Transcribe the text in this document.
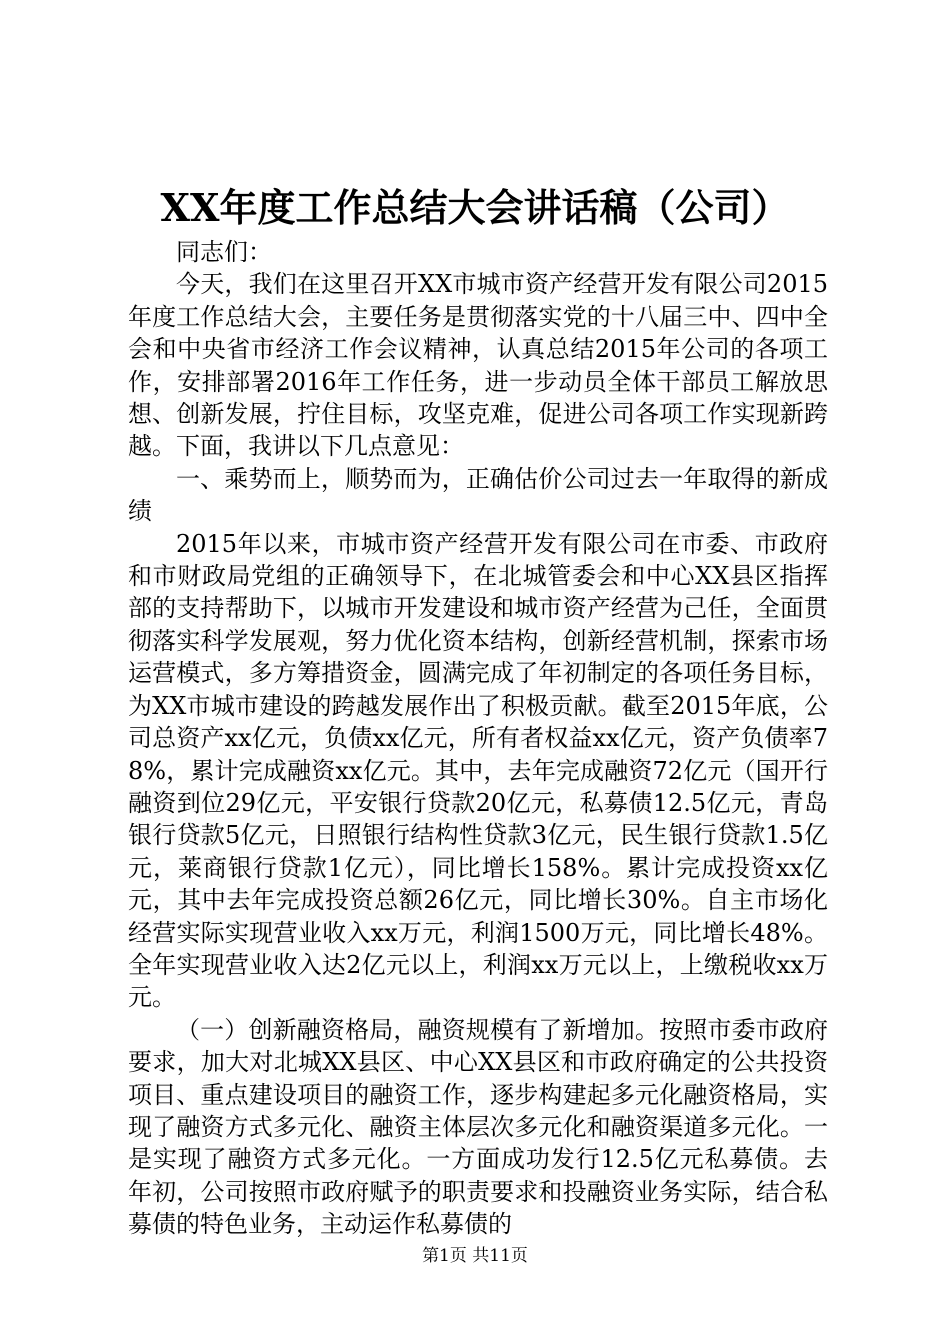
XX年度工作总结大会讲话稿（公司）

同志们：

今天，我们在这里召开XX市城市资产经营开发有限公司2015年度工作总结大会，主要任务是贯彻落实党的十八届三中、四中全会和中央省市经济工作会议精神，认真总结2015年公司的各项工作，安排部署2016年工作任务，进一步动员全体干部员工解放思想、创新发展，拧住目标，攻坚克难，促进公司各项工作实现新跨越。下面，我讲以下几点意见：

一、乘势而上，顺势而为，正确估价公司过去一年取得的新成绩

2015年以来，市城市资产经营开发有限公司在市委、市政府和市财政局党组的正确领导下，在北城管委会和中心XX县区指挥部的支持帮助下，以城市开发建设和城市资产经营为己任，全面贯彻落实科学发展观，努力优化资本结构，创新经营机制，探索市场运营模式，多方筹措资金，圆满完成了年初制定的各项任务目标，为XX市城市建设的跨越发展作出了积极贡献。截至2015年底，公司总资产xx亿元，负债xx亿元，所有者权益xx亿元，资产负债率78%，累计完成融资xx亿元。其中，去年完成融资72亿元（国开行融资到位29亿元，平安银行贷款20亿元，私募债12.5亿元，青岛银行贷款5亿元，日照银行结构性贷款3亿元，民生银行贷款1.5亿元，莱商银行贷款1亿元），同比增长158%。累计完成投资xx亿元，其中去年完成投资总额26亿元，同比增长30%。自主市场化经营实际实现营业收入xx万元，利润1500万元，同比增长48%。全年实现营业收入达2亿元以上，利润xx万元以上，上缴税收xx万元。

（一）创新融资格局，融资规模有了新增加。按照市委市政府要求，加大对北城XX县区、中心XX县区和市政府确定的公共投资项目、重点建设项目的融资工作，逐步构建起多元化融资格局，实现了融资方式多元化、融资主体层次多元化和融资渠道多元化。一是实现了融资方式多元化。一方面成功发行12.5亿元私募债。去年初，公司按照市政府赋予的职责要求和投融资业务实际，结合私募债的特色业务，主动运作私募债的

第1页 共11页
